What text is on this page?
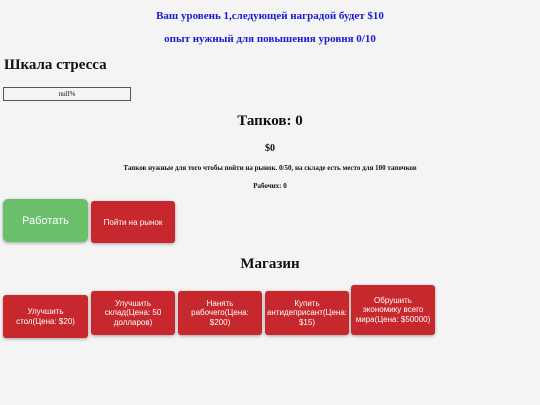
Ваш уровень 1,следующей наградой будет $10
опыт нужный для повышения уровня 0/10
Шкала стресса
null%
Тапков: 0
$0
Тапков нужные для того чтобы пойти на рынок. 0/50, на складе есть место для 100 тапочков
Рабочих: 0
Работать	Пойти на рынок
Магазин
Улучшить стол(Цена: $20)
Улучшить склад(Цена: 50 долларов)
Нанять рабочего(Цена: $200)
Купить антидеприсант(Цена: $15)
Обрушить экономику всего мира(Цена: $50000)
